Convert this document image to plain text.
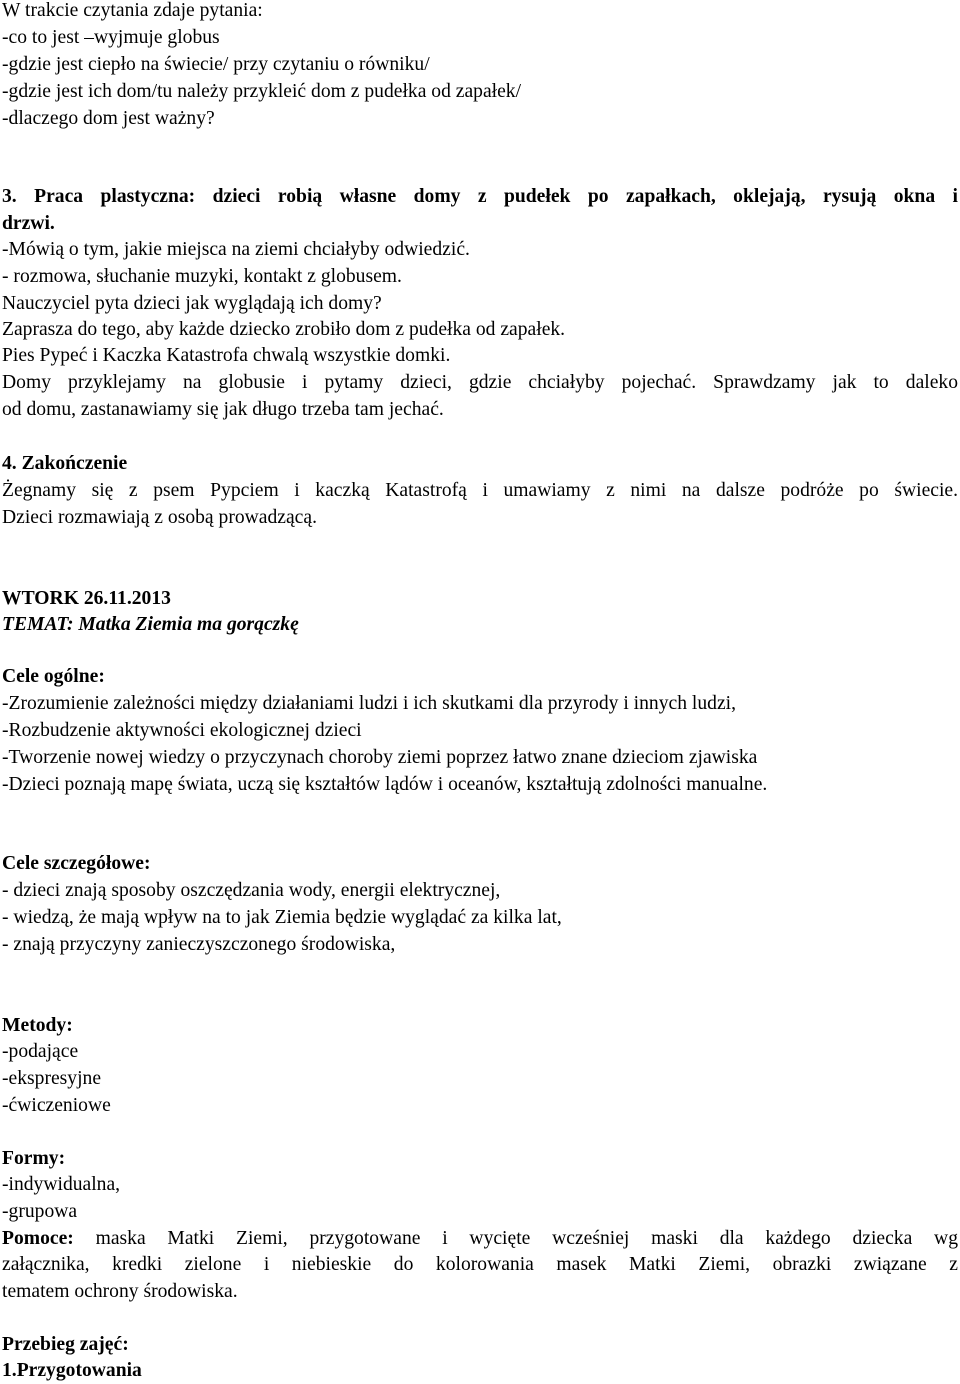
W trakcie czytania zdaje pytania:
-co to jest –wyjmuje globus
-gdzie jest ciepło na świecie/ przy czytaniu o równiku/
-gdzie jest ich dom/tu należy przykleić dom z pudełka od zapałek/
-dlaczego dom jest ważny?
3. Praca plastyczna: dzieci robią własne domy z pudełek po zapałkach, oklejają, rysują okna i
drzwi.
-Mówią o tym, jakie miejsca na ziemi chciałyby odwiedzić.
- rozmowa, słuchanie muzyki, kontakt z globusem.
Nauczyciel pyta dzieci jak wyglądają ich domy?
Zaprasza do tego, aby każde dziecko zrobiło dom z pudełka od zapałek.
Pies Pypeć i Kaczka Katastrofa chwalą wszystkie domki.
Domy przyklejamy na globusie i pytamy dzieci, gdzie chciałyby pojechać. Sprawdzamy jak to daleko
od domu, zastanawiamy się jak długo trzeba tam jechać.
4. Zakończenie
Żegnamy się z psem Pypciem i kaczką Katastrofą i umawiamy z nimi na dalsze podróże po świecie.
Dzieci rozmawiają z osobą prowadzącą.
WTORK 26.11.2013
TEMAT: Matka Ziemia ma gorączkę
Cele ogólne:
-Zrozumienie zależności między działaniami ludzi i ich skutkami dla przyrody i innych ludzi,
-Rozbudzenie aktywności ekologicznej dzieci
-Tworzenie nowej wiedzy o przyczynach choroby ziemi poprzez łatwo znane dzieciom zjawiska
-Dzieci poznają mapę świata, uczą się kształtów lądów i oceanów, kształtują zdolności manualne.
Cele szczegółowe:
- dzieci znają sposoby oszczędzania wody, energii elektrycznej,
- wiedzą, że mają wpływ na to jak Ziemia będzie wyglądać za kilka lat,
- znają przyczyny zanieczyszczonego środowiska,
Metody:
-podające
-ekspresyjne
-ćwiczeniowe
Formy:
-indywidualna,
-grupowa
Pomoce: maska Matki Ziemi, przygotowane i wycięte wcześniej maski dla każdego dziecka wg
załącznika, kredki zielone i niebieskie do kolorowania masek Matki Ziemi, obrazki związane z
tematem ochrony środowiska.
Przebieg zajęć:
1.Przygotowania
